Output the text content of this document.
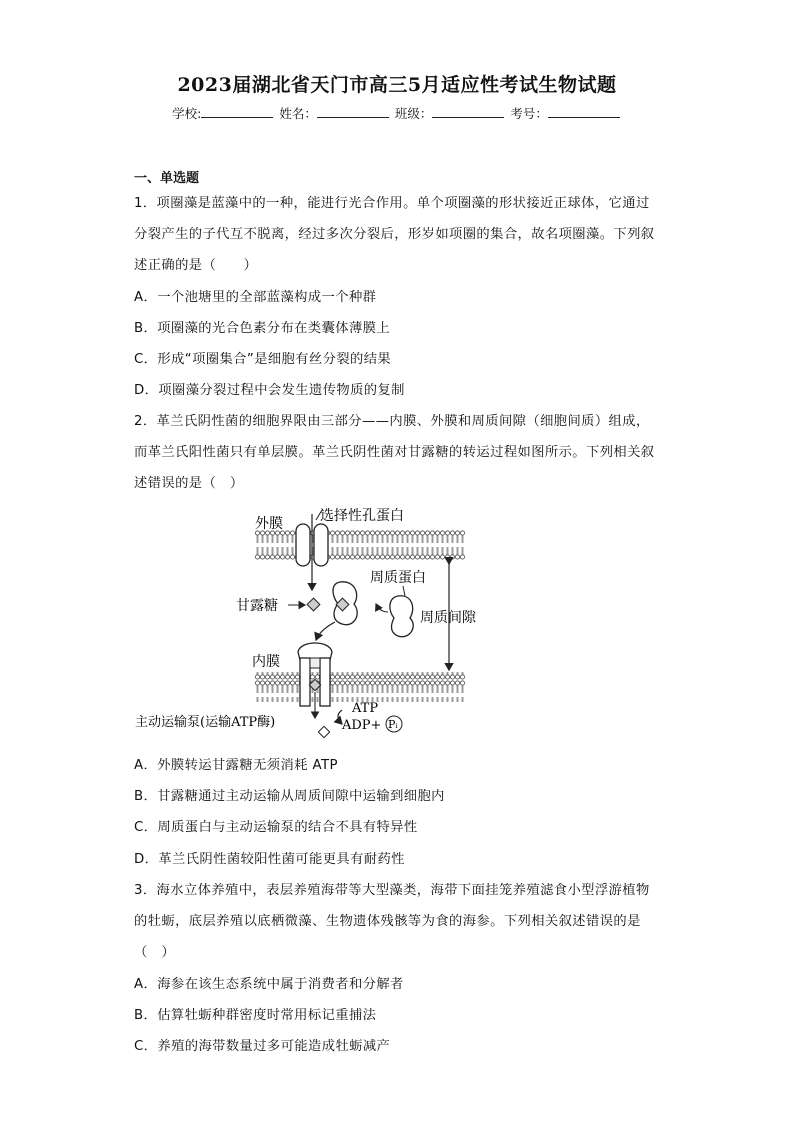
2023届湖北省天门市高三5月适应性考试生物试题
学校:	姓名：	班级：	考号：
一、单选题
1．项圈藻是蓝藻中的一种，能进行光合作用。单个项圈藻的形状接近正球体，它通过
分裂产生的子代互不脱离，经过多次分裂后，形岁如项圈的集合，故名项圈藻。下列叙
述正确的是（　　）
A．一个池塘里的全部蓝藻构成一个种群
B．项圈藻的光合色素分布在类囊体薄膜上
C．形成“项圈集合”是细胞有丝分裂的结果
D．项圈藻分裂过程中会发生遗传物质的复制
2．革兰氏阴性菌的细胞界限由三部分——内膜、外膜和周质间隙（细胞间质）组成，
而革兰氏阳性菌只有单层膜。革兰氏阴性菌对甘露糖的转运过程如图所示。下列相关叙
述错误的是（　）
外膜	选择性孔蛋白
甘露糖
周质蛋白
周质间隙
内膜
ATP
ADP+ Pᵢ
主动运输泵(运输ATP酶)
A．外膜转运甘露糖无须消耗 ATP
B．甘露糖通过主动运输从周质间隙中运输到细胞内
C．周质蛋白与主动运输泵的结合不具有特异性
D．革兰氏阴性菌较阳性菌可能更具有耐药性
3．海水立体养殖中，表层养殖海带等大型藻类，海带下面挂笼养殖滤食小型浮游植物
的牡蛎，底层养殖以底栖微藻、生物遗体残骸等为食的海参。下列相关叙述错误的是
（　）
A．海参在该生态系统中属于消费者和分解者
B．估算牡蛎种群密度时常用标记重捕法
C．养殖的海带数量过多可能造成牡蛎减产
